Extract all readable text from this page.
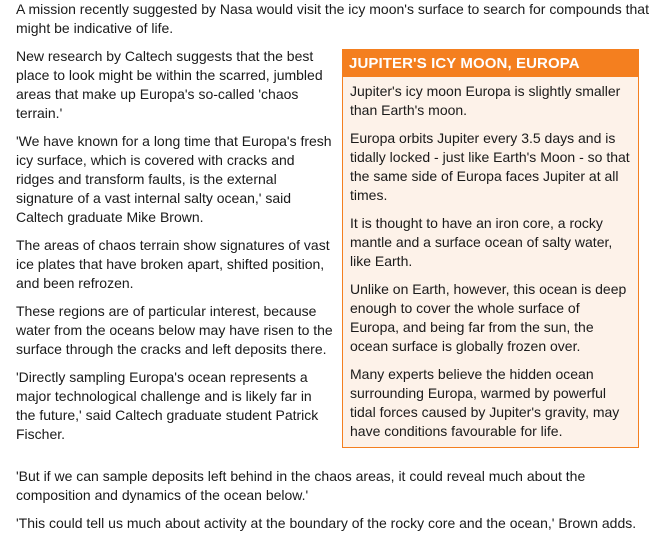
A mission recently suggested by Nasa would visit the icy moon's surface to search for compounds that might be indicative of life.

New research by Caltech suggests that the best place to look might be within the scarred, jumbled areas that make up Europa's so-called 'chaos terrain.'

'We have known for a long time that Europa's fresh icy surface, which is covered with cracks and ridges and transform faults, is the external signature of a vast internal salty ocean,' said Caltech graduate Mike Brown.

The areas of chaos terrain show signatures of vast ice plates that have broken apart, shifted position, and been refrozen.

These regions are of particular interest, because water from the oceans below may have risen to the surface through the cracks and left deposits there.

'Directly sampling Europa's ocean represents a major technological challenge and is likely far in the future,' said Caltech graduate student Patrick Fischer.

JUPITER'S ICY MOON, EUROPA

Jupiter's icy moon Europa is slightly smaller than Earth's moon.

Europa orbits Jupiter every 3.5 days and is tidally locked - just like Earth's Moon - so that the same side of Europa faces Jupiter at all times.

It is thought to have an iron core, a rocky mantle and a surface ocean of salty water, like Earth.

Unlike on Earth, however, this ocean is deep enough to cover the whole surface of Europa, and being far from the sun, the ocean surface is globally frozen over.

Many experts believe the hidden ocean surrounding Europa, warmed by powerful tidal forces caused by Jupiter's gravity, may have conditions favourable for life.

'But if we can sample deposits left behind in the chaos areas, it could reveal much about the composition and dynamics of the ocean below.'

'This could tell us much about activity at the boundary of the rocky core and the ocean,' Brown adds.
